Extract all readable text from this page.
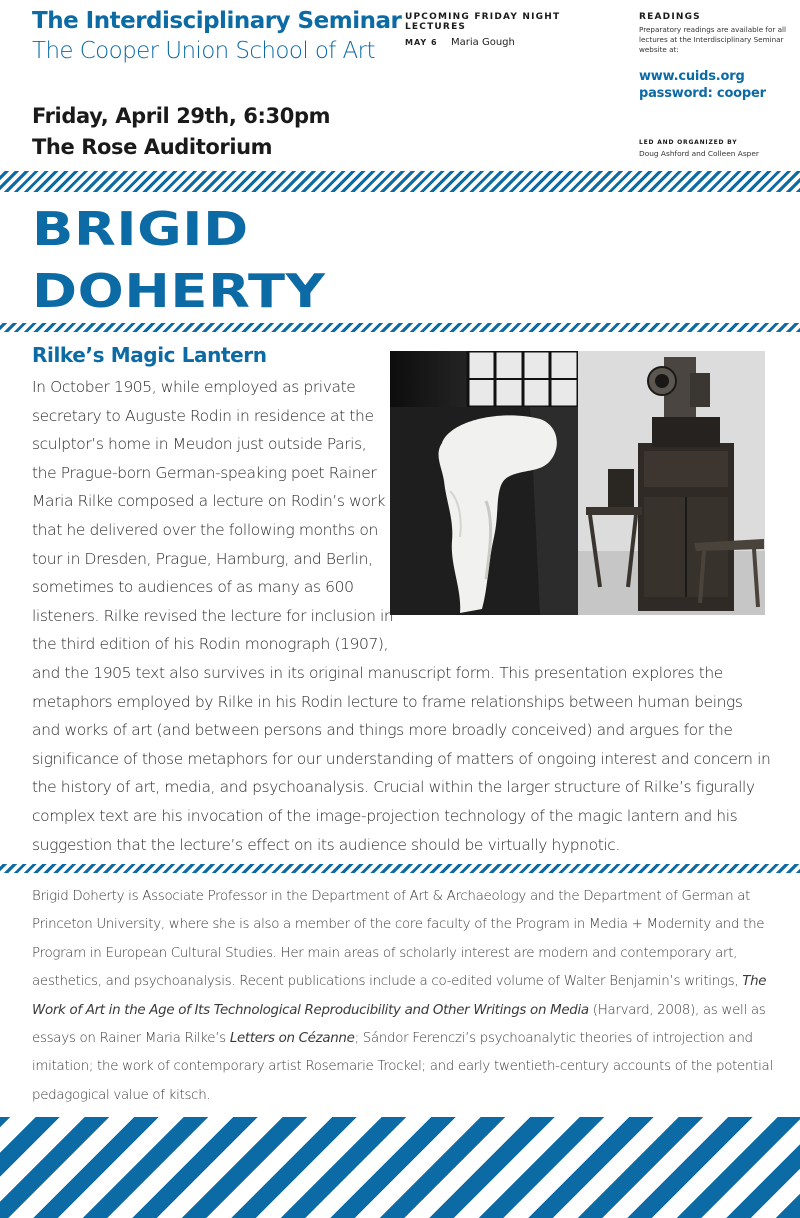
The Interdisciplinary Seminar
The Cooper Union School of Art
Friday, April 29th, 6:30pm
The Rose Auditorium
UPCOMING FRIDAY NIGHT LECTURES
MAY 6 Maria Gough
READINGS
Preparatory readings are available for all lectures at the Interdisciplinary Seminar website at:
www.cuids.org
password: cooper
LED AND ORGANIZED BY
Doug Ashford and Colleen Asper
BRIGID
DOHERTY
Rilke’s Magic Lantern
In October 1905, while employed as private secretary to Auguste Rodin in residence at the sculptor’s home in Meudon just outside Paris, the Prague-born German-speaking poet Rainer Maria Rilke composed a lecture on Rodin’s work that he delivered over the following months on tour in Dresden, Prague, Hamburg, and Berlin, sometimes to audiences of as many as 600 listeners. Rilke revised the lecture for inclusion in the third edition of his Rodin monograph (1907), and the 1905 text also survives in its original manuscript form. This presentation explores the metaphors employed by Rilke in his Rodin lecture to frame relationships between human beings and works of art (and between persons and things more broadly conceived) and argues for the significance of those metaphors for our understanding of matters of ongoing interest and concern in the history of art, media, and psychoanalysis. Crucial within the larger structure of Rilke’s figurally complex text are his invocation of the image-projection technology of the magic lantern and his suggestion that the lecture’s effect on its audience should be virtually hypnotic.
Brigid Doherty is Associate Professor in the Department of Art & Archaeology and the Department of German at Princeton University, where she is also a member of the core faculty of the Program in Media + Modernity and the Program in European Cultural Studies. Her main areas of scholarly interest are modern and contemporary art, aesthetics, and psychoanalysis. Recent publications include a co-edited volume of Walter Benjamin’s writings, The Work of Art in the Age of Its Technological Reproducibility and Other Writings on Media (Harvard, 2008), as well as essays on Rainer Maria Rilke’s Letters on Cézanne; Sándor Ferenczi’s psychoanalytic theories of introjection and imitation; the work of contemporary artist Rosemarie Trockel; and early twentieth-century accounts of the potential pedagogical value of kitsch.
